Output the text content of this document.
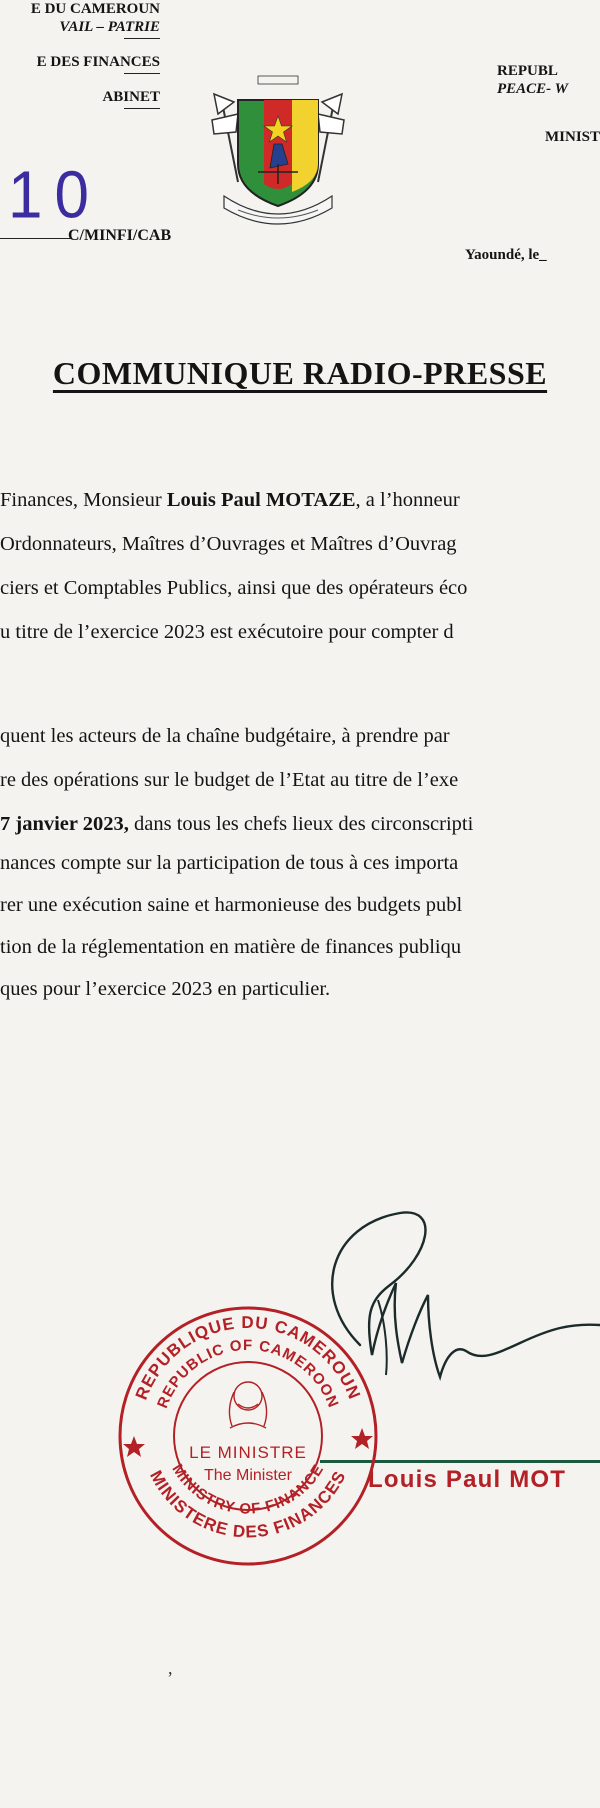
E DU CAMEROUN
VAIL – PATRIE
E DES FINANCES
ABINET
10
C/MINFI/CAB
REPUBL
PEACE- W
MINIST
Yaoundé, le_
COMMUNIQUE RADIO-PRESSE
Finances, Monsieur Louis Paul MOTAZE, a l’honneur
Ordonnateurs, Maîtres d’Ouvrages et Maîtres d’Ouvrag
ciers et Comptables Publics, ainsi que des opérateurs éco
u titre de l’exercice 2023 est exécutoire pour compter d
quent les acteurs de la chaîne budgétaire, à prendre par
re des opérations sur le budget de l’Etat au titre de l’exe
7 janvier 2023, dans tous les chefs lieux des circonscripti
nances compte sur la participation de tous à ces importa
rer une exécution saine et harmonieuse des budgets publ
tion de la réglementation en matière de finances publiqu
ques pour l’exercice 2023 en particulier.
REPUBLIQUE DU CAMEROUN
REPUBLIC OF CAMEROON
MINISTERE DES FINANCES
MINISTRY OF FINANCE
LE MINISTRE
The Minister	Louis Paul MOT
,
